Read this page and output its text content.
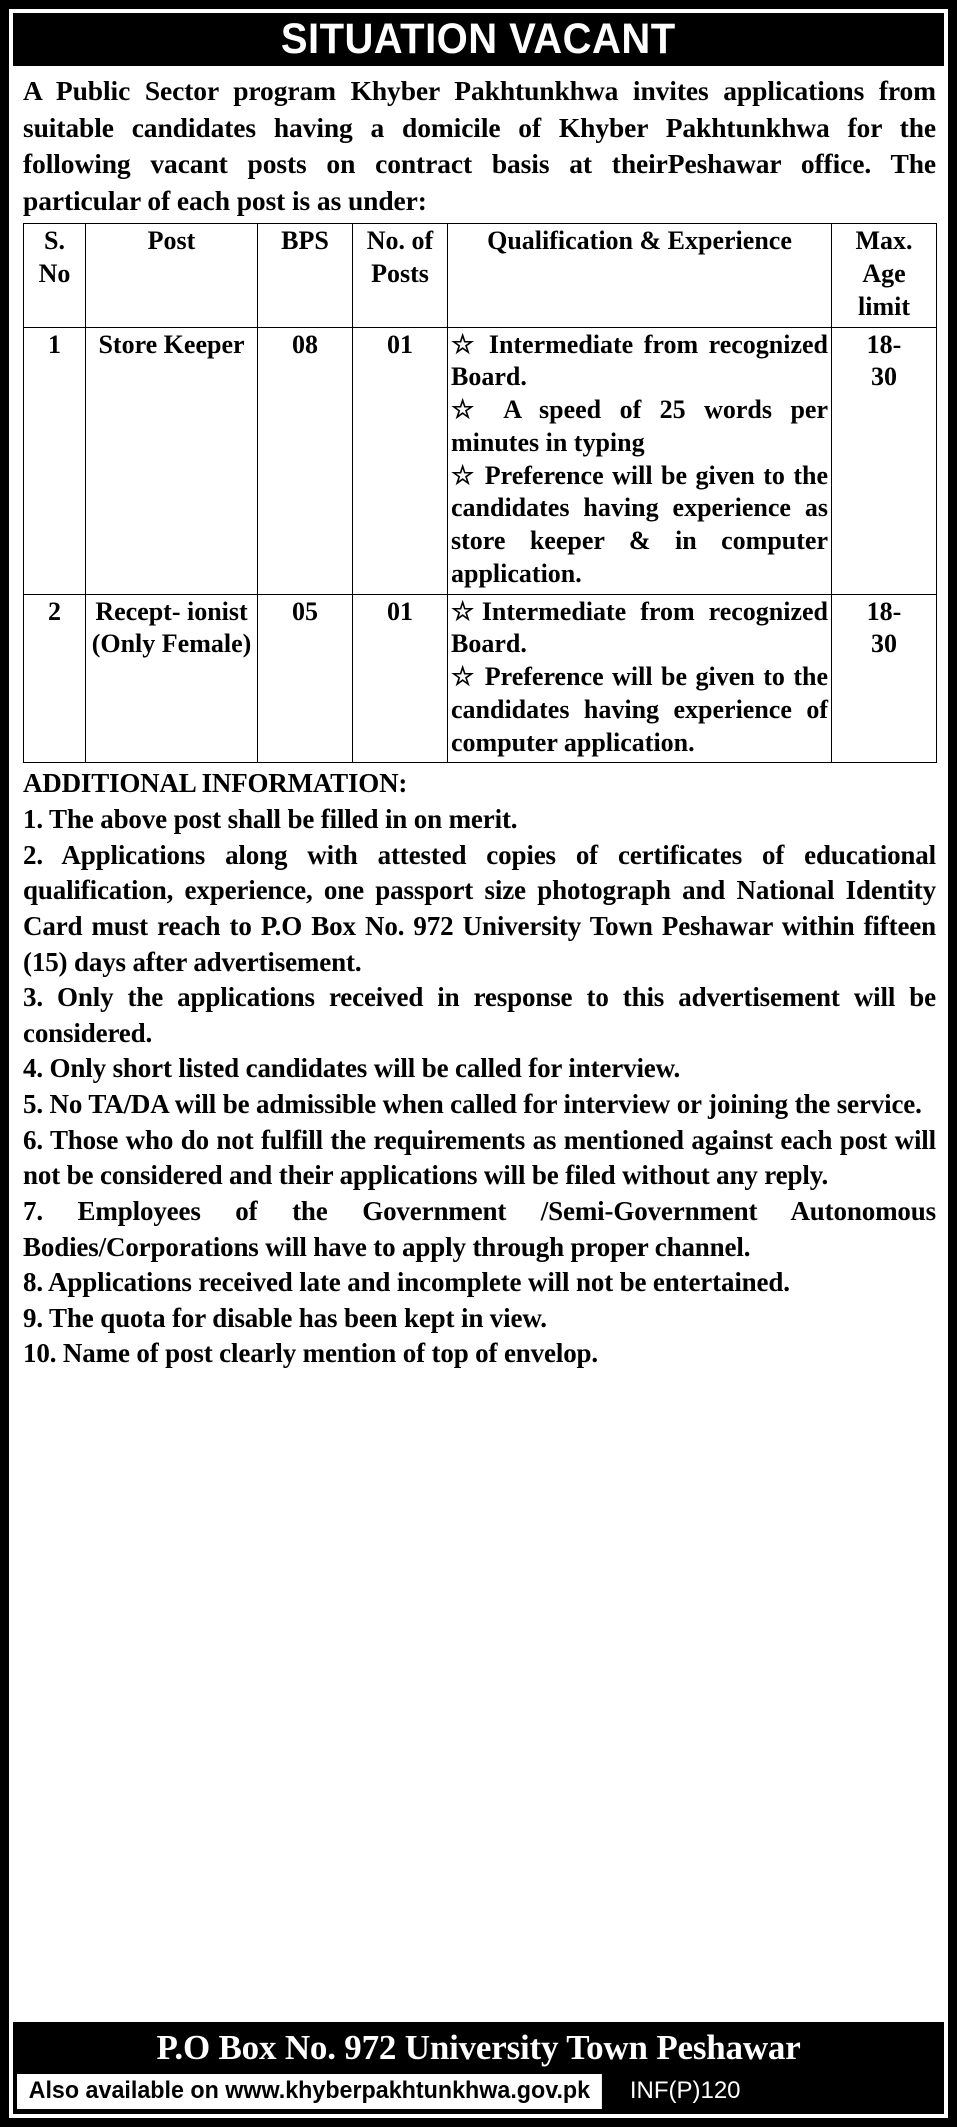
SITUATION VACANT

A Public Sector program Khyber Pakhtunkhwa invites applications from suitable candidates having a domicile of Khyber Pakhtunkhwa for the following vacant posts on contract basis at theirPeshawar office. The particular of each post is as under:

S. No	Post	BPS	No. of Posts	Qualification & Experience	Max. Age limit
1	Store Keeper	08	01	☆ Intermediate from recognized Board.
☆ A speed of 25 words per minutes in typing
☆ Preference will be given to the candidates having experience as store keeper & in computer application.	18-
30

2	Recept- ionist (Only Female)	05	01	☆Intermediate from recognized Board.
☆ Preference will be given to the candidates having experience of computer application.	18-
30
ADDITIONAL INFORMATION:
1. The above post shall be filled in on merit.
2. Applications along with attested copies of certificates of educational qualification, experience, one passport size photograph and National Identity Card must reach to P.O Box No. 972 University Town Peshawar within fifteen (15) days after advertisement.
3. Only the applications received in response to this advertisement will be considered.
4. Only short listed candidates will be called for interview.
5. No TA/DA will be admissible when called for interview or joining the service.
6. Those who do not fulfill the requirements as mentioned against each post will not be considered and their applications will be filed without any reply.
7. Employees of the Government /Semi-Government Autonomous Bodies/Corporations will have to apply through proper channel.
8. Applications received late and incomplete will not be entertained.
9. The quota for disable has been kept in view.
10. Name of post clearly mention of top of envelop.
P.O Box No. 972 University Town Peshawar
Also available on www.khyberpakhtunkhwa.gov.pk	INF(P)120
